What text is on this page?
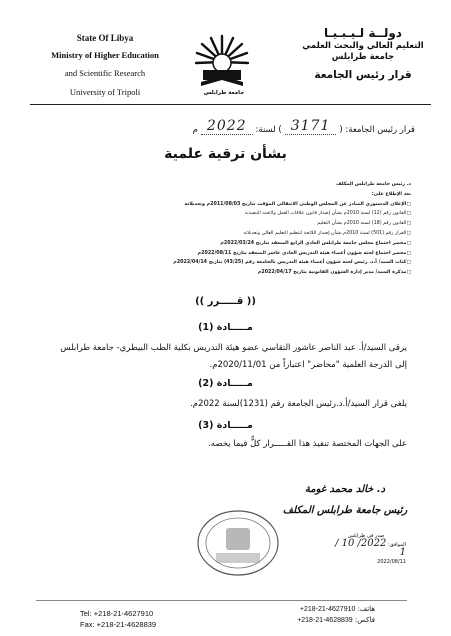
State Of Libya
Ministry of Higher Education
and Scientific Research
University of Tripoli	جامعة طرابلس
دولــة لـيـبـيـا
التعليم العالي والبحث العلمي
جامعة طرابلس
قرار رئيس الجامعة
قرار رئيس الجامعة: (
3171
) لسنة:
2022
م
بشأن ترقية علمية
د. رئيس جامعة طرابلس المكلف
بعد الإطلاع على:
□الإعلان الدستوري الصادر عن المجلس الوطني الانتقالي المؤقت بتاريخ 2011/08/03م وتعديلاته
□القانون رقم (12) لسنة 2010م بشأن إصدار قانون علاقات العمل ولائحته التنفيذية
□القانون رقم (18) لسنة 2010م بشأن التعليم
□القرار رقم (501) لسنة 2010م بشأن إصدار اللائحة لتنظيم التعليم العالي وتعديلاته
□محضر اجتماع مجلس جامعة طرابلس العادي الرابع المنعقد بتاريخ 2022/03/24م
□محضر اجتماع لجنة شؤون أعضاء هيئة التدريس العادي عاشر المنعقد بتاريخ 2022/08/11م
□كتاب السيد/ أ.د. رئيس لجنة شؤون أعضاء هيئة التدريس بالجامعة رقم (43/25) بتاريخ 2022/04/14م
□مذكرة السيد/ مدير إدارة الشؤون القانونية بتاريخ 2022/04/17م
(( قـــــرر ))
مـــــادة (1)
يرقى السيد/أ. عبد الناصر عاشور التقاسي عضو هيئة التدريس بكلية الطب البيطري- جامعة طرابلس إلى الدرجة العلمية "محاضر" اعتباراً من 2020/11/01م.
مـــــادة (2)
يلغى قرار السيد/أ.د.رئيس الجامعة رقم (1231)لسنة 2022م.
مـــــادة (3)
على الجهات المختصة تنفيذ هذا القـــــرار كلٌّ فيما يخصه.
د. خالد محمد غومة
رئيس جامعة طرابلس المكلف
صدر في طرابلس
الموافق: 2022/ 10 / 1
2022/08/11
Tel: +218-21-4627910
Fax: +218-21-4628839
هاتف: +218-21-4627910
فاكس: +218-21-4628839
